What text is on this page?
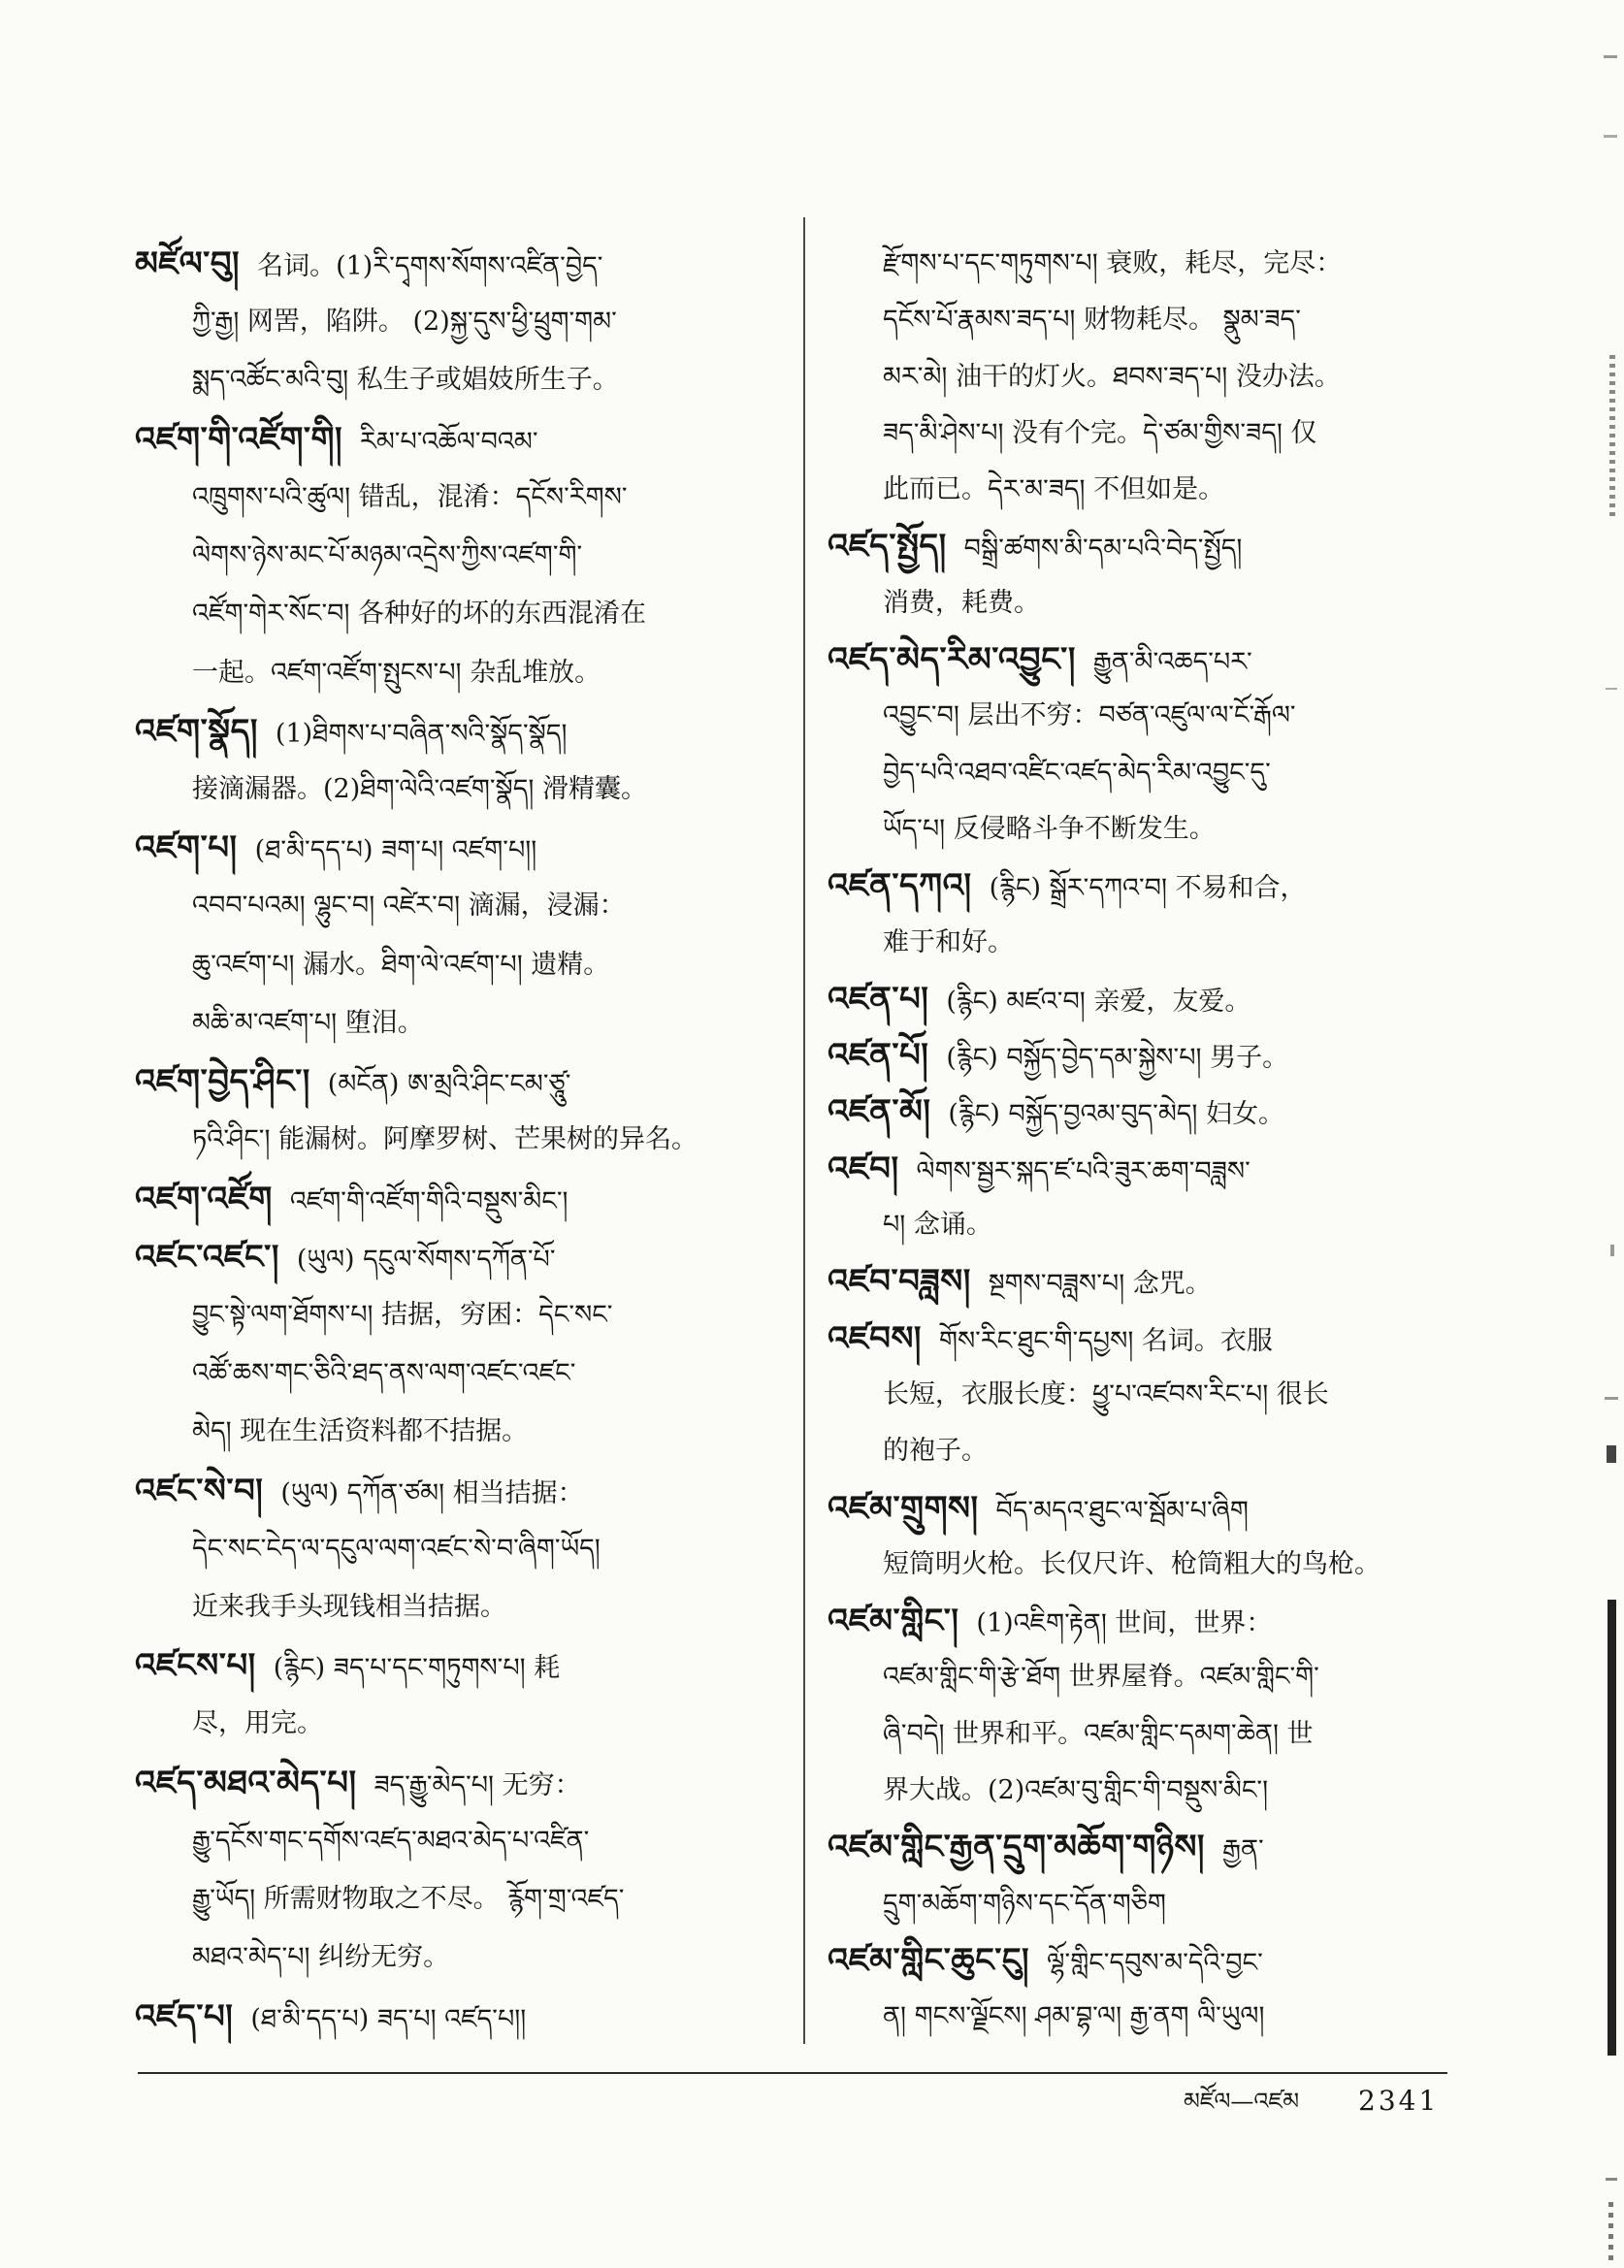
མཛོལ་བུ། 名词。(1)རི་དྭགས་སོགས་འཛིན་བྱེད་
ཀྱི་རྒྱ། 网罟，陷阱。 (2)སྐྱ་དུས་ཕྱི་ཕྲུག་གམ་
སྨད་འཚོང་མའི་བུ། 私生子或娼妓所生子。
འཛག་གི་འཛོག་གི། རིམ་པ་འཆོལ་བའམ་
འཁྲུགས་པའི་ཚུལ། 错乱，混淆：དངོས་རིགས་
ལེགས་ཉེས་མང་པོ་མཉམ་འདྲེས་ཀྱིས་འཛག་གི་
འཛོག་གེར་སོང་བ། 各种好的坏的东西混淆在
一起。འཛག་འཛོག་སྤུངས་པ། 杂乱堆放。
འཛག་སྣོད། (1)ཐིགས་པ་བཞིན་སའི་སྣོད་སྣོད།
接滴漏器。(2)ཐིག་ལེའི་འཛག་སྣོད། 滑精囊。
འཛག་པ། (ཐ་མི་དད་པ) ཟག་པ། འཛག་པ།།
འབབ་པའམ། ལྷུང་བ། འཛེར་བ། 滴漏，浸漏：
ཆུ་འཛག་པ། 漏水。ཐིག་ལེ་འཛག་པ། 遗精。
མཆི་མ་འཛག་པ། 堕泪。
འཛག་བྱེད་ཤིང་། (མངོན) ཨ་མྲའི་ཤིང་ངམ་ཙཱུ་
ཏའི་ཤིང་། 能漏树。阿摩罗树、芒果树的异名。
འཛག་འཛོག འཛག་གི་འཛོག་གིའི་བསྡུས་མིང་།
འཛང་འཛང་། (ཡུལ) དངུལ་སོགས་དཀོན་པོ་
བྱུང་སྟེ་ལག་ཐོགས་པ། 拮据，穷困：དེང་སང་
འཚོ་ཆས་གང་ཅིའི་ཐད་ནས་ལག་འཛང་འཛང་
མེད། 现在生活资料都不拮据。
འཛང་སེ་བ། (ཡུལ) དཀོན་ཙམ། 相当拮据：
དེང་སང་ངེད་ལ་དངུལ་ལག་འཛང་སེ་བ་ཞིག་ཡོད།
近来我手头现钱相当拮据。
འཛངས་པ། (རྙིང) ཟད་པ་དང་གཏུགས་པ། 耗
尽，用完。
འཛད་མཐའ་མེད་པ། ཟད་རྒྱུ་མེད་པ། 无穷：
རྒྱུ་དངོས་གང་དགོས་འཛད་མཐའ་མེད་པ་འཛིན་
རྒྱུ་ཡོད། 所需财物取之不尽。 རྙོག་གྲ་འཛད་
མཐའ་མེད་པ། 纠纷无穷。
འཛད་པ། (ཐ་མི་དད་པ) ཟད་པ། འཛད་པ།།
རྫོགས་པ་དང་གཏུགས་པ། 衰败，耗尽，完尽：
དངོས་པོ་རྣམས་ཟད་པ། 财物耗尽。 སྣུམ་ཟད་
མར་མེ། 油干的灯火。ཐབས་ཟད་པ། 没办法。
ཟད་མི་ཤེས་པ། 没有个完。དེ་ཙམ་གྱིས་ཟད། 仅
此而已。དེར་མ་ཟད། 不但如是。
འཛད་སྤྱོད། བསྒྲི་ཚགས་མི་དམ་པའི་བེད་སྤྱོད།
消费，耗费。
འཛད་མེད་རིམ་འབྱུང་། རྒྱུན་མི་འཆད་པར་
འབྱུང་བ། 层出不穷：བཙན་འཛུལ་ལ་ངོ་རྒོལ་
བྱེད་པའི་འཐབ་འཛིང་འཛད་མེད་རིམ་འབྱུང་དུ་
ཡོད་པ། 反侵略斗争不断发生。
འཛན་དཀའ། (རྙིང) སྒྲོར་དཀའ་བ། 不易和合，
难于和好。
འཛན་པ། (རྙིང) མཛའ་བ། 亲爱，友爱。
འཛན་པོ། (རྙིང) བསྐྱོད་བྱེད་དམ་སྐྱེས་པ། 男子。
འཛན་མོ། (རྙིང) བསྐྱོད་བྱའམ་བུད་མེད། 妇女。
འཛབ། ལེགས་སྦྱར་སྐད་ཛ་པའི་ཟུར་ཆག་བཟླས་
པ། 念诵。
འཛབ་བཟླས། སྔགས་བཟླས་པ། 念咒。
འཛབས། གོས་རིང་ཐུང་གི་དཔྱས། 名词。衣服
长短，衣服长度：ཕྱུ་པ་འཛབས་རིང་པ། 很长
的袍子。
འཛམ་གྲུགས། བོད་མདའ་ཐུང་ལ་སྦོམ་པ་ཞིག
短筒明火枪。长仅尺许、枪筒粗大的鸟枪。
འཛམ་གླིང་། (1)འཇིག་རྟེན། 世间，世界：
འཛམ་གླིང་གི་རྩེ་ཐོག 世界屋脊。འཛམ་གླིང་གི་
ཞི་བདེ། 世界和平。འཛམ་གླིང་དམག་ཆེན། 世
界大战。(2)འཛམ་བུ་གླིང་གི་བསྡུས་མིང་།
འཛམ་གླིང་རྒྱན་དྲུག་མཆོག་གཉིས། རྒྱན་
དྲུག་མཆོག་གཉིས་དང་དོན་གཅིག
འཛམ་གླིང་ཆུང་ངུ། ལྷོ་གླིང་དབུས་མ་དེའི་བྱང་
ན། གངས་ལྗོངས། ཤམ་བྷ་ལ། རྒྱ་ནག ལི་ཡུལ།
མཛོལ—འཛམ 2341
